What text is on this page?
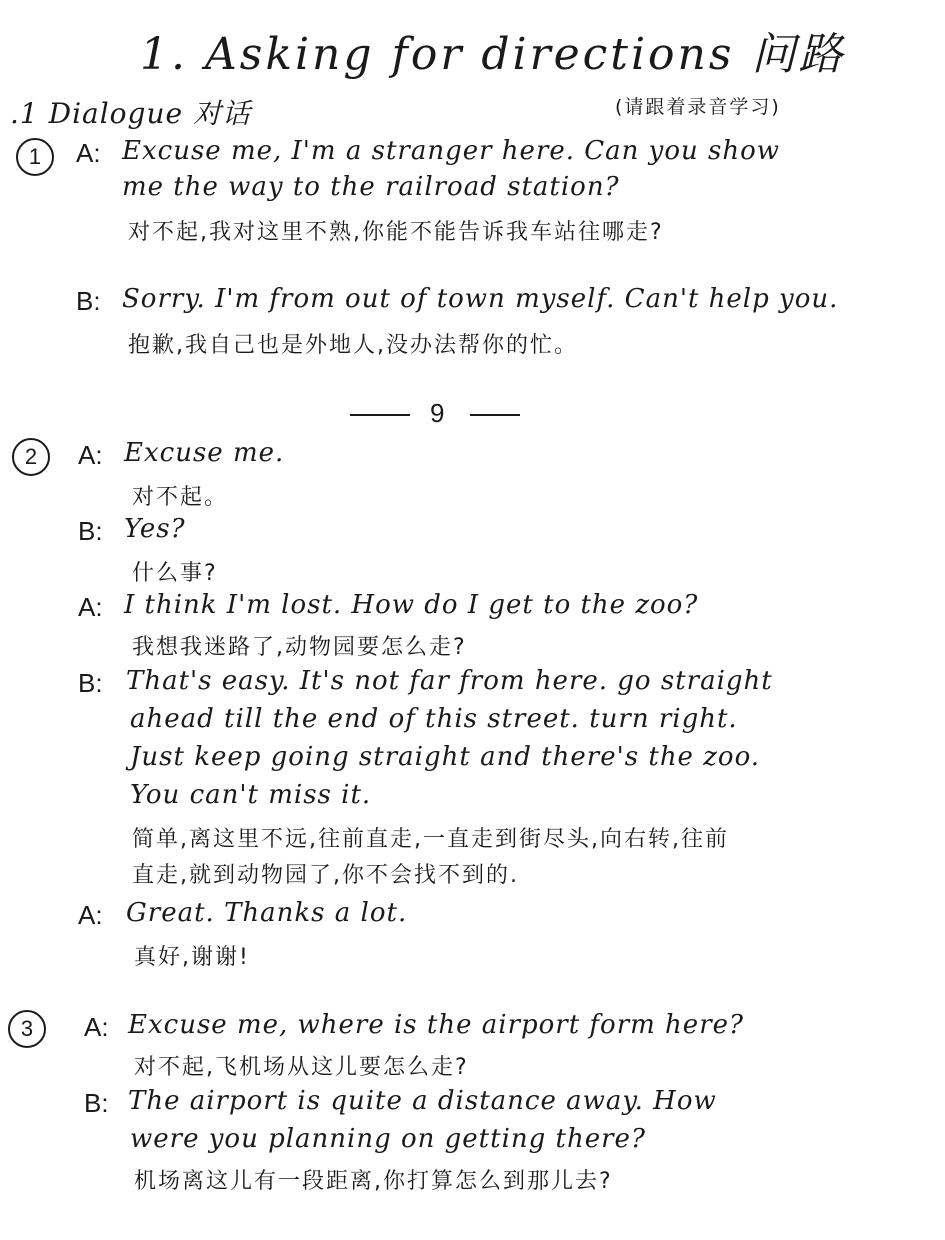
1. Asking for directions 问路
.1 Dialogue 对话	(请跟着录音学习)
1	A: Excuse me, I'm a stranger here. Can you show
me the way to the railroad station?
对不起,我对这里不熟,你能不能告诉我车站往哪走?
B: Sorry. I'm from out of town myself. Can't help you.
抱歉,我自己也是外地人,没办法帮你的忙。
9
2	A: Excuse me.
对不起。
B: Yes?
什么事?
A: I think I'm lost. How do I get to the zoo?
我想我迷路了,动物园要怎么走?
B: That's easy. It's not far from here. go straight
ahead till the end of this street. turn right.
Just keep going straight and there's the zoo.
You can't miss it.
简单,离这里不远,往前直走,一直走到街尽头,向右转,往前
直走,就到动物园了,你不会找不到的.
A: Great. Thanks a lot.
真好,谢谢!
3	A: Excuse me, where is the airport form here?
对不起,飞机场从这儿要怎么走?
B: The airport is quite a distance away. How
were you planning on getting there?
机场离这儿有一段距离,你打算怎么到那儿去?
